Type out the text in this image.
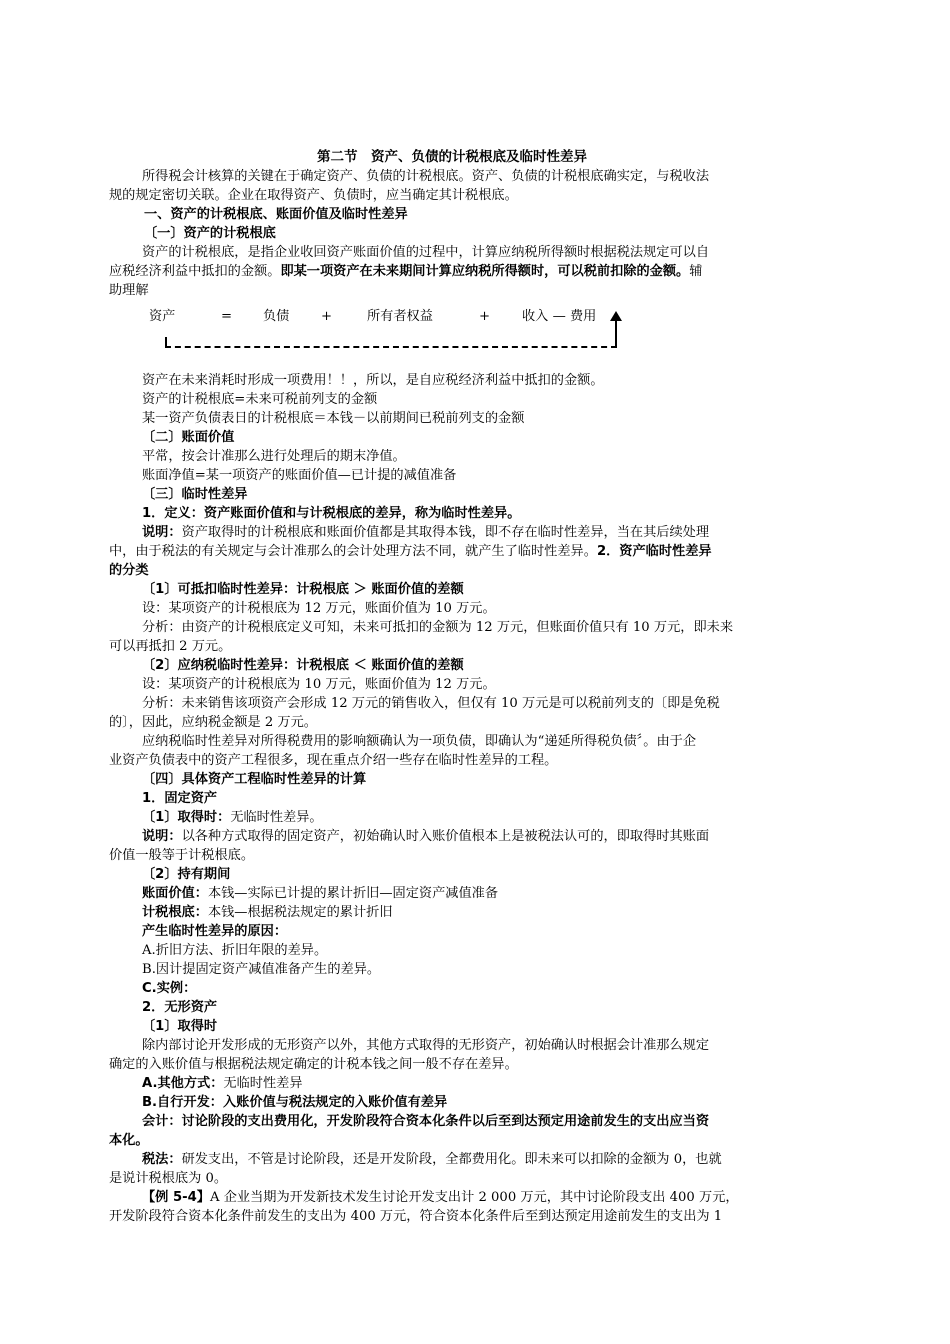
第二节　资产、负债的计税根底及临时性差异
所得税会计核算的关键在于确定资产、负债的计税根底。资产、负债的计税根底确实定，与税收法
规的规定密切关联。企业在取得资产、负债时，应当确定其计税根底。
一、资产的计税根底、账面价值及临时性差异
〔一〕资产的计税根底
资产的计税根底，是指企业收回资产账面价值的过程中，计算应纳税所得额时根据税法规定可以自
应税经济利益中抵扣的金额。即某一项资产在未来期间计算应纳税所得额时，可以税前扣除的金额。辅
助理解
资产	= 负债 +	所有者权益	+ 收入 — 费用
资产在未来消耗时形成一项费用！！，所以，是自应税经济利益中抵扣的金额。
资产的计税根底=未来可税前列支的金额
某一资产负债表日的计税根底＝本钱－以前期间已税前列支的金额
〔二〕账面价值
平常，按会计准那么进行处理后的期末净值。
账面净值=某一项资产的账面价值—已计提的减值准备
〔三〕临时性差异
1．定义：资产账面价值和与计税根底的差异，称为临时性差异。
说明：资产取得时的计税根底和账面价值都是其取得本钱，即不存在临时性差异，当在其后续处理
中，由于税法的有关规定与会计准那么的会计处理方法不同，就产生了临时性差异。2．资产临时性差异
的分类
〔1〕可抵扣临时性差异：计税根底 ＞ 账面价值的差额
设：某项资产的计税根底为 12 万元，账面价值为 10 万元。
分析：由资产的计税根底定义可知，未来可抵扣的金额为 12 万元，但账面价值只有 10 万元，即未来
可以再抵扣 2 万元。
〔2〕应纳税临时性差异：计税根底 ＜ 账面价值的差额
设：某项资产的计税根底为 10 万元，账面价值为 12 万元。
分析：未来销售该项资产会形成 12 万元的销售收入，但仅有 10 万元是可以税前列支的〔即是免税
的〕，因此，应纳税金额是 2 万元。
应纳税临时性差异对所得税费用的影响额确认为一项负债，即确认为“递延所得税负债〞。由于企
业资产负债表中的资产工程很多，现在重点介绍一些存在临时性差异的工程。
〔四〕具体资产工程临时性差异的计算
1．固定资产
〔1〕取得时：无临时性差异。
说明：以各种方式取得的固定资产，初始确认时入账价值根本上是被税法认可的，即取得时其账面
价值一般等于计税根底。
〔2〕持有期间
账面价值：本钱—实际已计提的累计折旧—固定资产减值准备
计税根底：本钱—根据税法规定的累计折旧
产生临时性差异的原因：
A.折旧方法、折旧年限的差异。
B.因计提固定资产减值准备产生的差异。
C.实例：
2．无形资产
〔1〕取得时
除内部讨论开发形成的无形资产以外，其他方式取得的无形资产，初始确认时根据会计准那么规定
确定的入账价值与根据税法规定确定的计税本钱之间一般不存在差异。
A.其他方式：无临时性差异
B.自行开发：入账价值与税法规定的入账价值有差异
会计：讨论阶段的支出费用化，开发阶段符合资本化条件以后至到达预定用途前发生的支出应当资
本化。
税法：研发支出，不管是讨论阶段，还是开发阶段，全都费用化。即未来可以扣除的金额为 0，也就
是说计税根底为 0。
【例 5-4】A 企业当期为开发新技术发生讨论开发支出计 2 000 万元，其中讨论阶段支出 400 万元，
开发阶段符合资本化条件前发生的支出为 400 万元，符合资本化条件后至到达预定用途前发生的支出为 1
